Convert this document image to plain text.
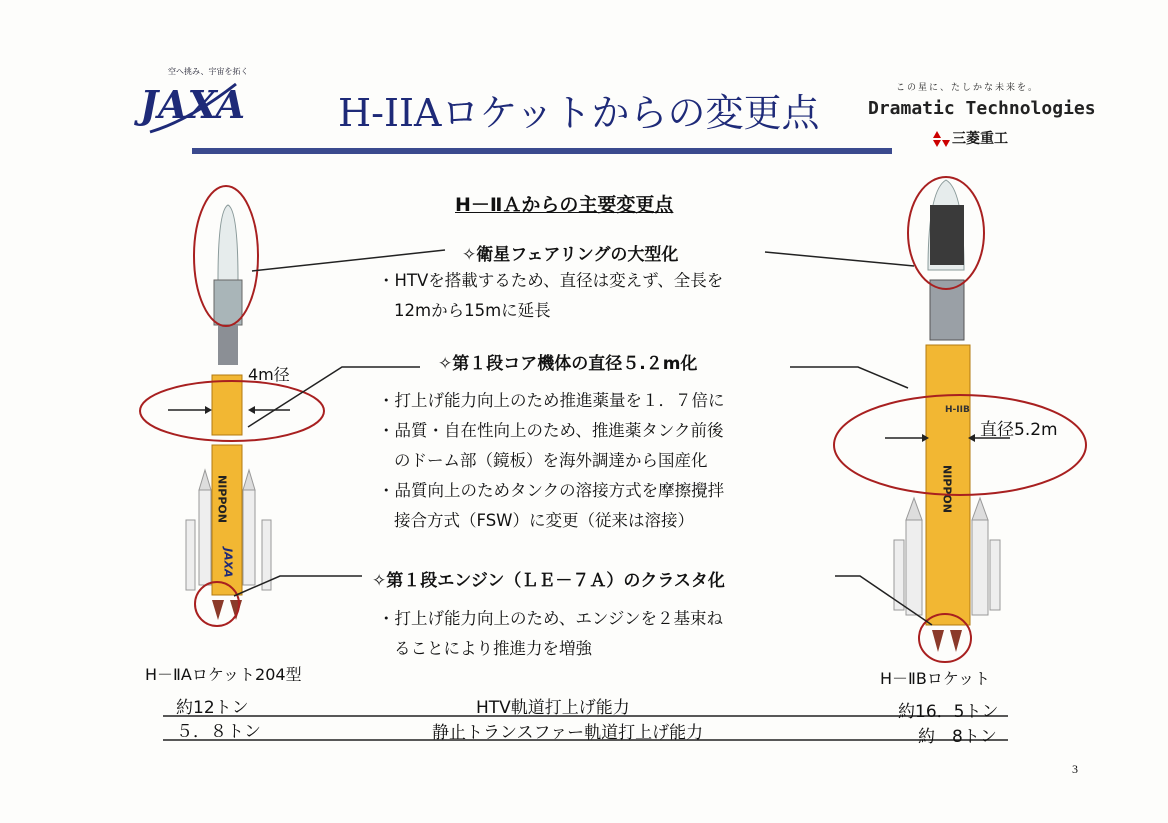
JAXA
NIPPON
JAXA
H-IIB
NIPPON
空へ挑み、宇宙を拓く
H-IIAロケットからの変更点
この星に、たしかな未来を。
Dramatic Technologies
三菱重工
H－ⅡＡからの主要変更点
✧衛星フェアリングの大型化
・HTVを搭載するため、直径は変えず、全長を
12mから15mに延長
✧第１段コア機体の直径５.２m化
・打上げ能力向上のため推進薬量を１．７倍に
・品質・自在性向上のため、推進薬タンク前後
のドーム部（鏡板）を海外調達から国産化
・品質向上のためタンクの溶接方式を摩擦攪拌
接合方式（FSW）に変更（従来は溶接）
✧第１段エンジン（ＬＥ－７Ａ）のクラスタ化
・打上げ能力向上のため、エンジンを２基束ね
ることにより推進力を増強
4m径
直径5.2m
H－ⅡAロケット204型	H－ⅡBロケット
約12トン	HTV軌道打上げ能力	約16．5トン
５．８トン	静止トランスファー軌道打上げ能力	約　8トン
3
